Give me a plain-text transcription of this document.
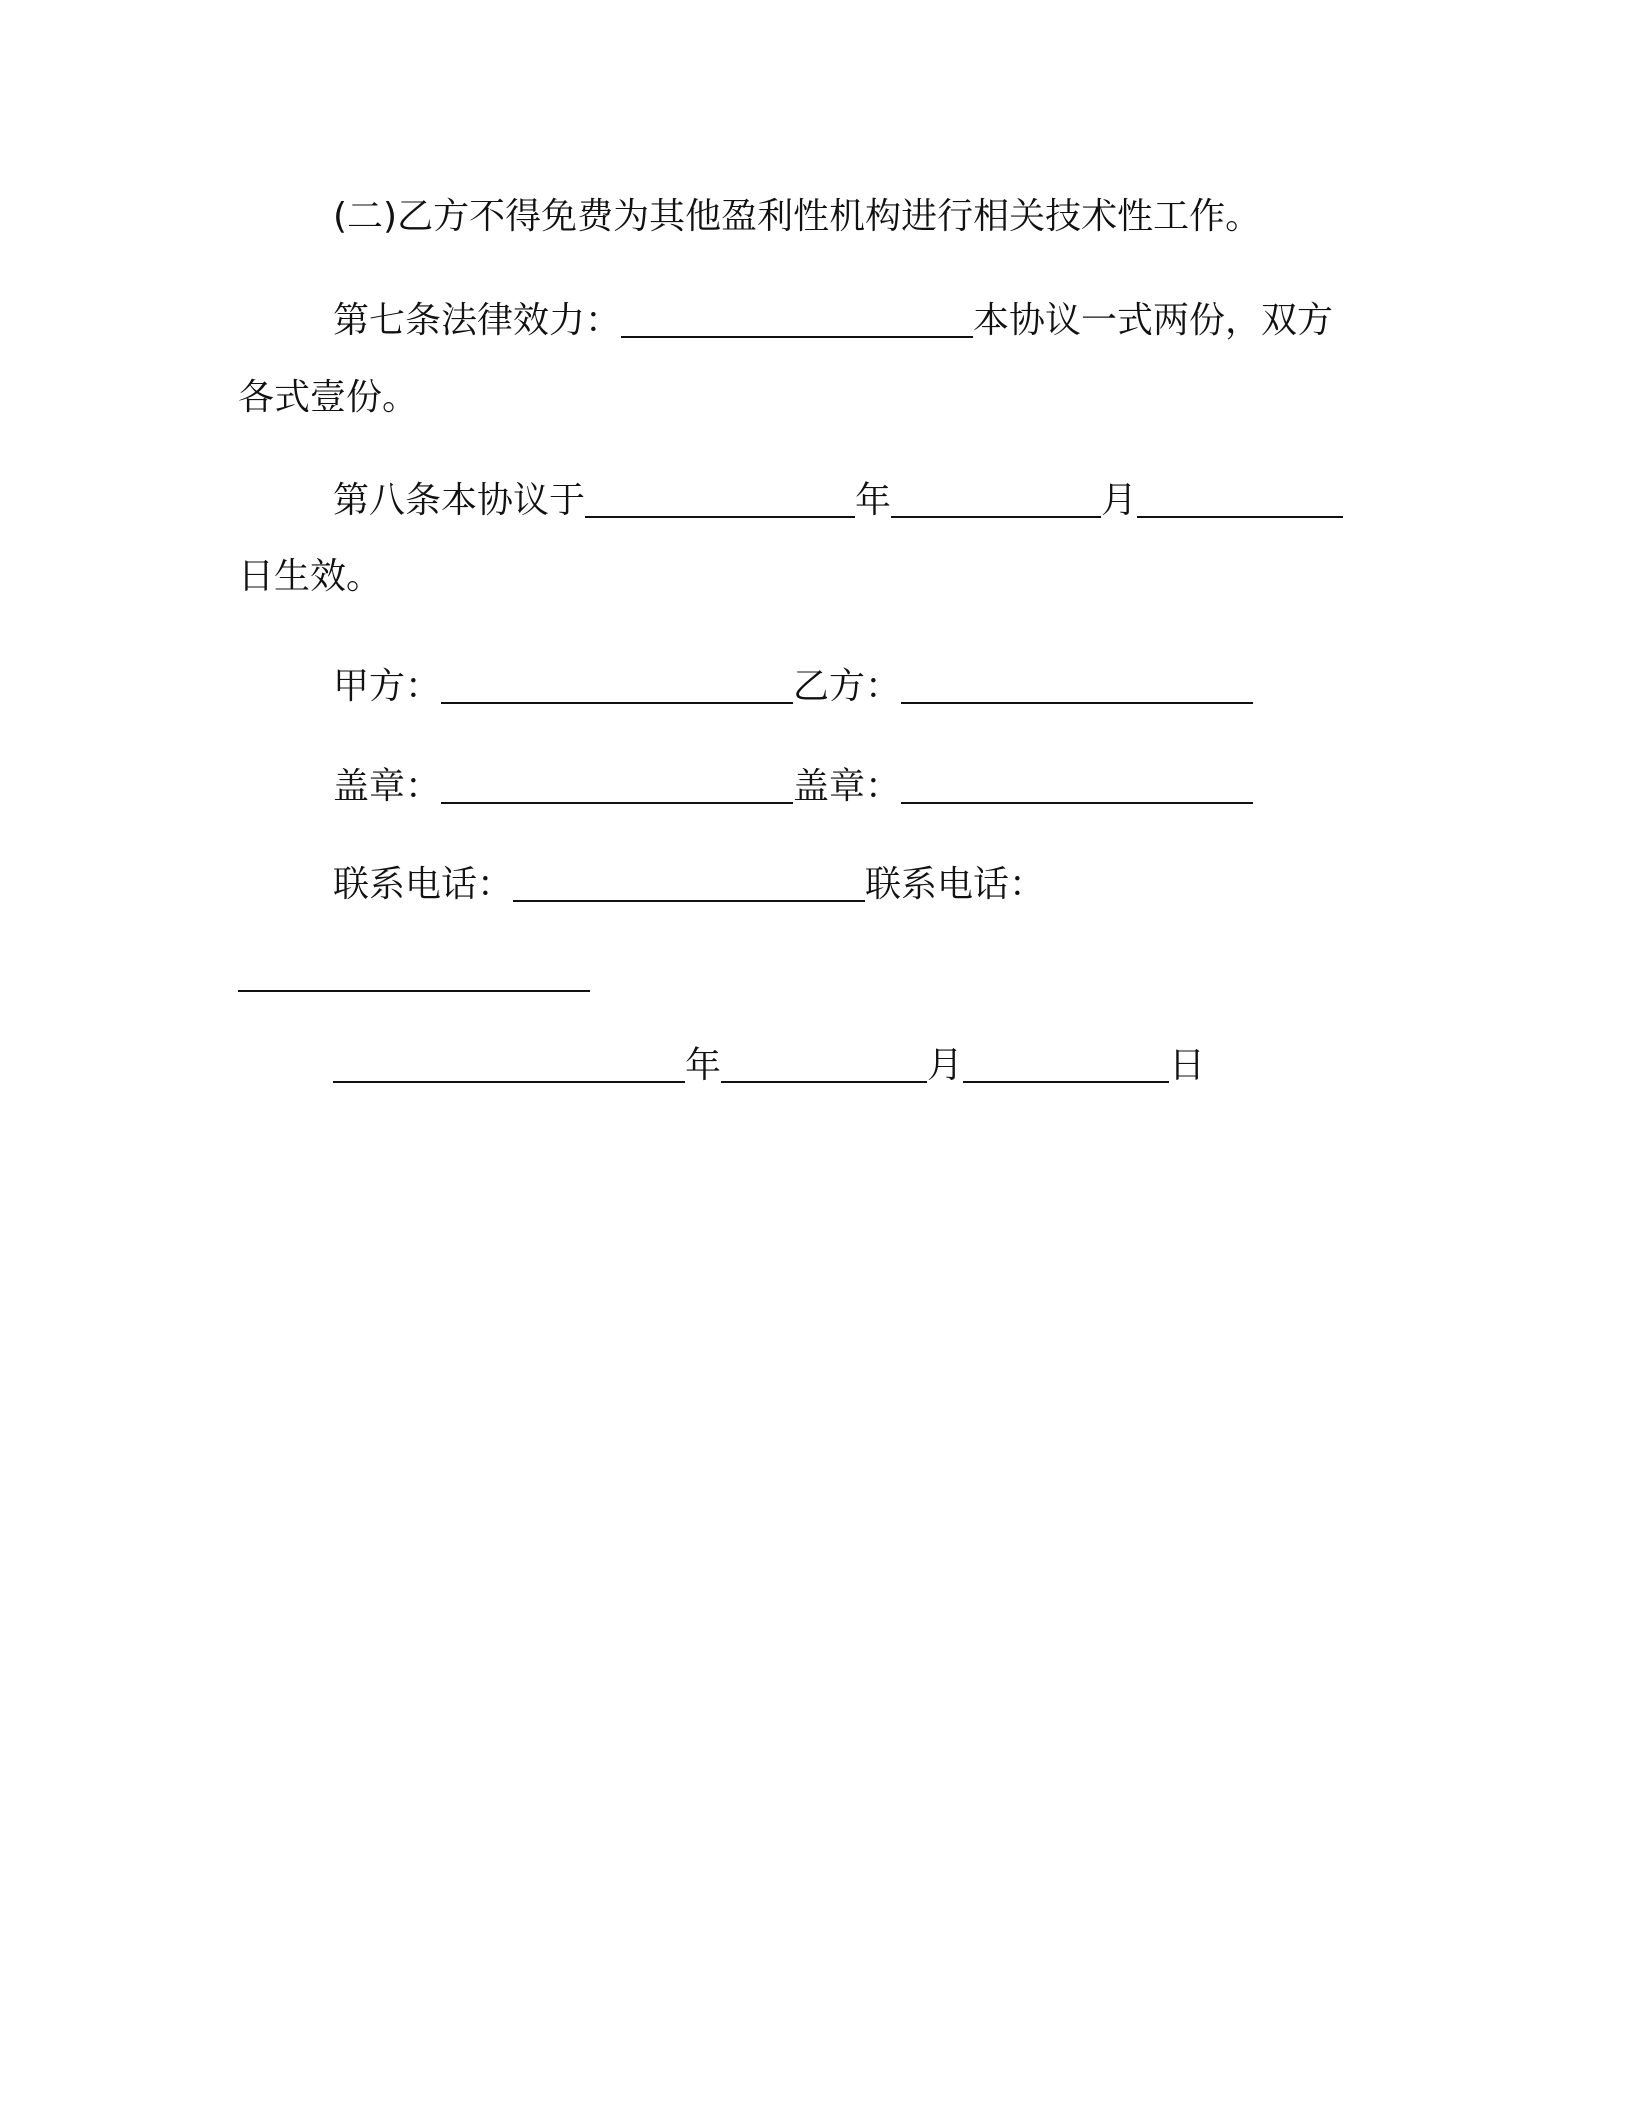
(二)乙方不得免费为其他盈利性机构进行相关技术性工作。
第七条法律效力：	本协议一式两份，双方
各式壹份。
第八条本协议于	年	月
日生效。
甲方：	乙方：
盖章：	盖章：
联系电话：	联系电话：
年	月	日
